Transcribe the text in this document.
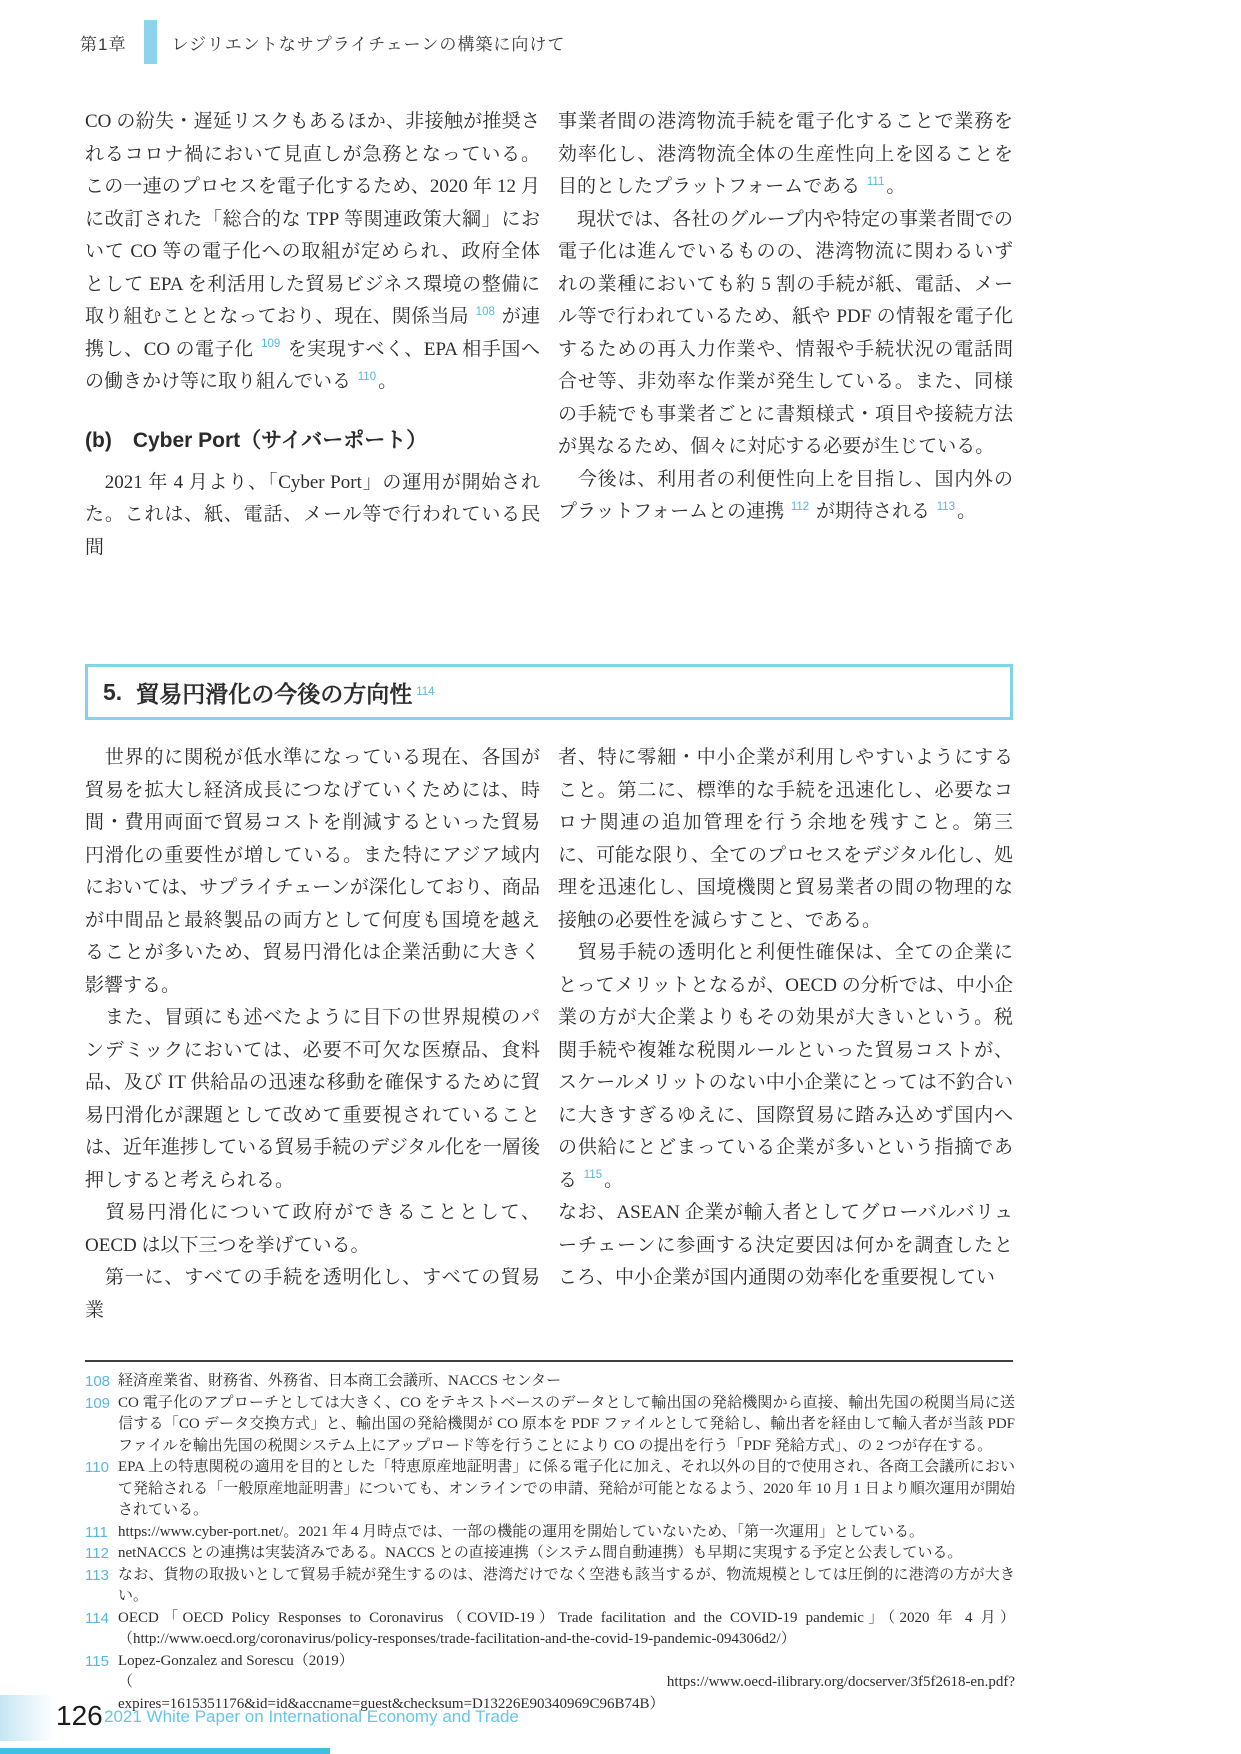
第1章	レジリエントなサプライチェーンの構築に向けて

CO の紛失・遅延リスクもあるほか、非接触が推奨されるコロナ禍において見直しが急務となっている。この一連のプロセスを電子化するため、2020 年 12 月に改訂された「総合的な TPP 等関連政策大綱」において CO 等の電子化への取組が定められ、政府全体として EPA を利活用した貿易ビジネス環境の整備に取り組むこととなっており、現在、関係当局 $^{108}$ が連携し、CO の電子化 $^{109}$ を実現すべく、EPA 相手国への働きかけ等に取り組んでいる $^{110}$ 。

(b)　Cyber Port（サイバーポート）

　2021 年 4 月より、「Cyber Port」の運用が開始された。これは、紙、電話、メール等で行われている民間

事業者間の港湾物流手続を電子化することで業務を効率化し、港湾物流全体の生産性向上を図ることを目的としたプラットフォームである $^{111}$ 。

　現状では、各社のグループ内や特定の事業者間での電子化は進んでいるものの、港湾物流に関わるいずれの業種においても約 5 割の手続が紙、電話、メール等で行われているため、紙や PDF の情報を電子化するための再入力作業や、情報や手続状況の電話問合せ等、非効率な作業が発生している。また、同様の手続でも事業者ごとに書類様式・項目や接続方法が異なるため、個々に対応する必要が生じている。

　今後は、利用者の利便性向上を目指し、国内外のプラットフォームとの連携 $^{112}$ が期待される $^{113}$ 。

5. 貿易円滑化の今後の方向性 114

　世界的に関税が低水準になっている現在、各国が貿易を拡大し経済成長につなげていくためには、時間・費用両面で貿易コストを削減するといった貿易円滑化の重要性が増している。また特にアジア域内においては、サプライチェーンが深化しており、商品が中間品と最終製品の両方として何度も国境を越えることが多いため、貿易円滑化は企業活動に大きく影響する。

　また、冒頭にも述べたように目下の世界規模のパンデミックにおいては、必要不可欠な医療品、食料品、及び IT 供給品の迅速な移動を確保するために貿易円滑化が課題として改めて重要視されていることは、近年進捗している貿易手続のデジタル化を一層後押しすると考えられる。

　貿易円滑化について政府ができることとして、OECD は以下三つを挙げている。

　第一に、すべての手続を透明化し、すべての貿易業

者、特に零細・中小企業が利用しやすいようにすること。第二に、標準的な手続を迅速化し、必要なコロナ関連の追加管理を行う余地を残すこと。第三に、可能な限り、全てのプロセスをデジタル化し、処理を迅速化し、国境機関と貿易業者の間の物理的な接触の必要性を減らすこと、である。

　貿易手続の透明化と利便性確保は、全ての企業にとってメリットとなるが、OECD の分析では、中小企業の方が大企業よりもその効果が大きいという。税関手続や複雑な税関ルールといった貿易コストが、スケールメリットのない中小企業にとっては不釣合いに大きすぎるゆえに、国際貿易に踏み込めず国内への供給にとどまっている企業が多いという指摘である $^{115}$ 。

なお、ASEAN 企業が輸入者としてグローバルバリューチェーンに参画する決定要因は何かを調査したところ、中小企業が国内通関の効率化を重要視してい

108 経済産業省、財務省、外務省、日本商工会議所、NACCS センター
109 CO 電子化のアプローチとしては大きく、CO をテキストベースのデータとして輸出国の発給機関から直接、輸出先国の税関当局に送信する「CO データ交換方式」と、輸出国の発給機関が CO 原本を PDF ファイルとして発給し、輸出者を経由して輸入者が当該 PDF ファイルを輸出先国の税関システム上にアップロード等を行うことにより CO の提出を行う「PDF 発給方式」、の 2 つが存在する。
110 EPA 上の特恵関税の適用を目的とした「特恵原産地証明書」に係る電子化に加え、それ以外の目的で使用され、各商工会議所において発給される「一般原産地証明書」についても、オンラインでの申請、発給が可能となるよう、2020 年 10 月 1 日より順次運用が開始されている。
111 https://www.cyber-port.net/。2021 年 4 月時点では、一部の機能の運用を開始していないため、「第一次運用」としている。
112 netNACCS との連携は実装済みである。NACCS との直接連携（システム間自動連携）も早期に実現する予定と公表している。
113 なお、貨物の取扱いとして貿易手続が発生するのは、港湾だけでなく空港も該当するが、物流規模としては圧倒的に港湾の方が大きい。
114 OECD「OECD Policy Responses to Coronavirus（COVID-19）Trade facilitation and the COVID-19 pandemic」（2020 年 4 月）（http://www.oecd.org/coronavirus/policy-responses/trade-facilitation-and-the-covid-19-pandemic-094306d2/）
115 Lopez-Gonzalez and Sorescu（2019）
（https://www.oecd-ilibrary.org/docserver/3f5f2618-en.pdf?expires=1615351176&id=id&accname=guest&checksum=D13226E90340969C96B74B）
126 2021 White Paper on International Economy and Trade
